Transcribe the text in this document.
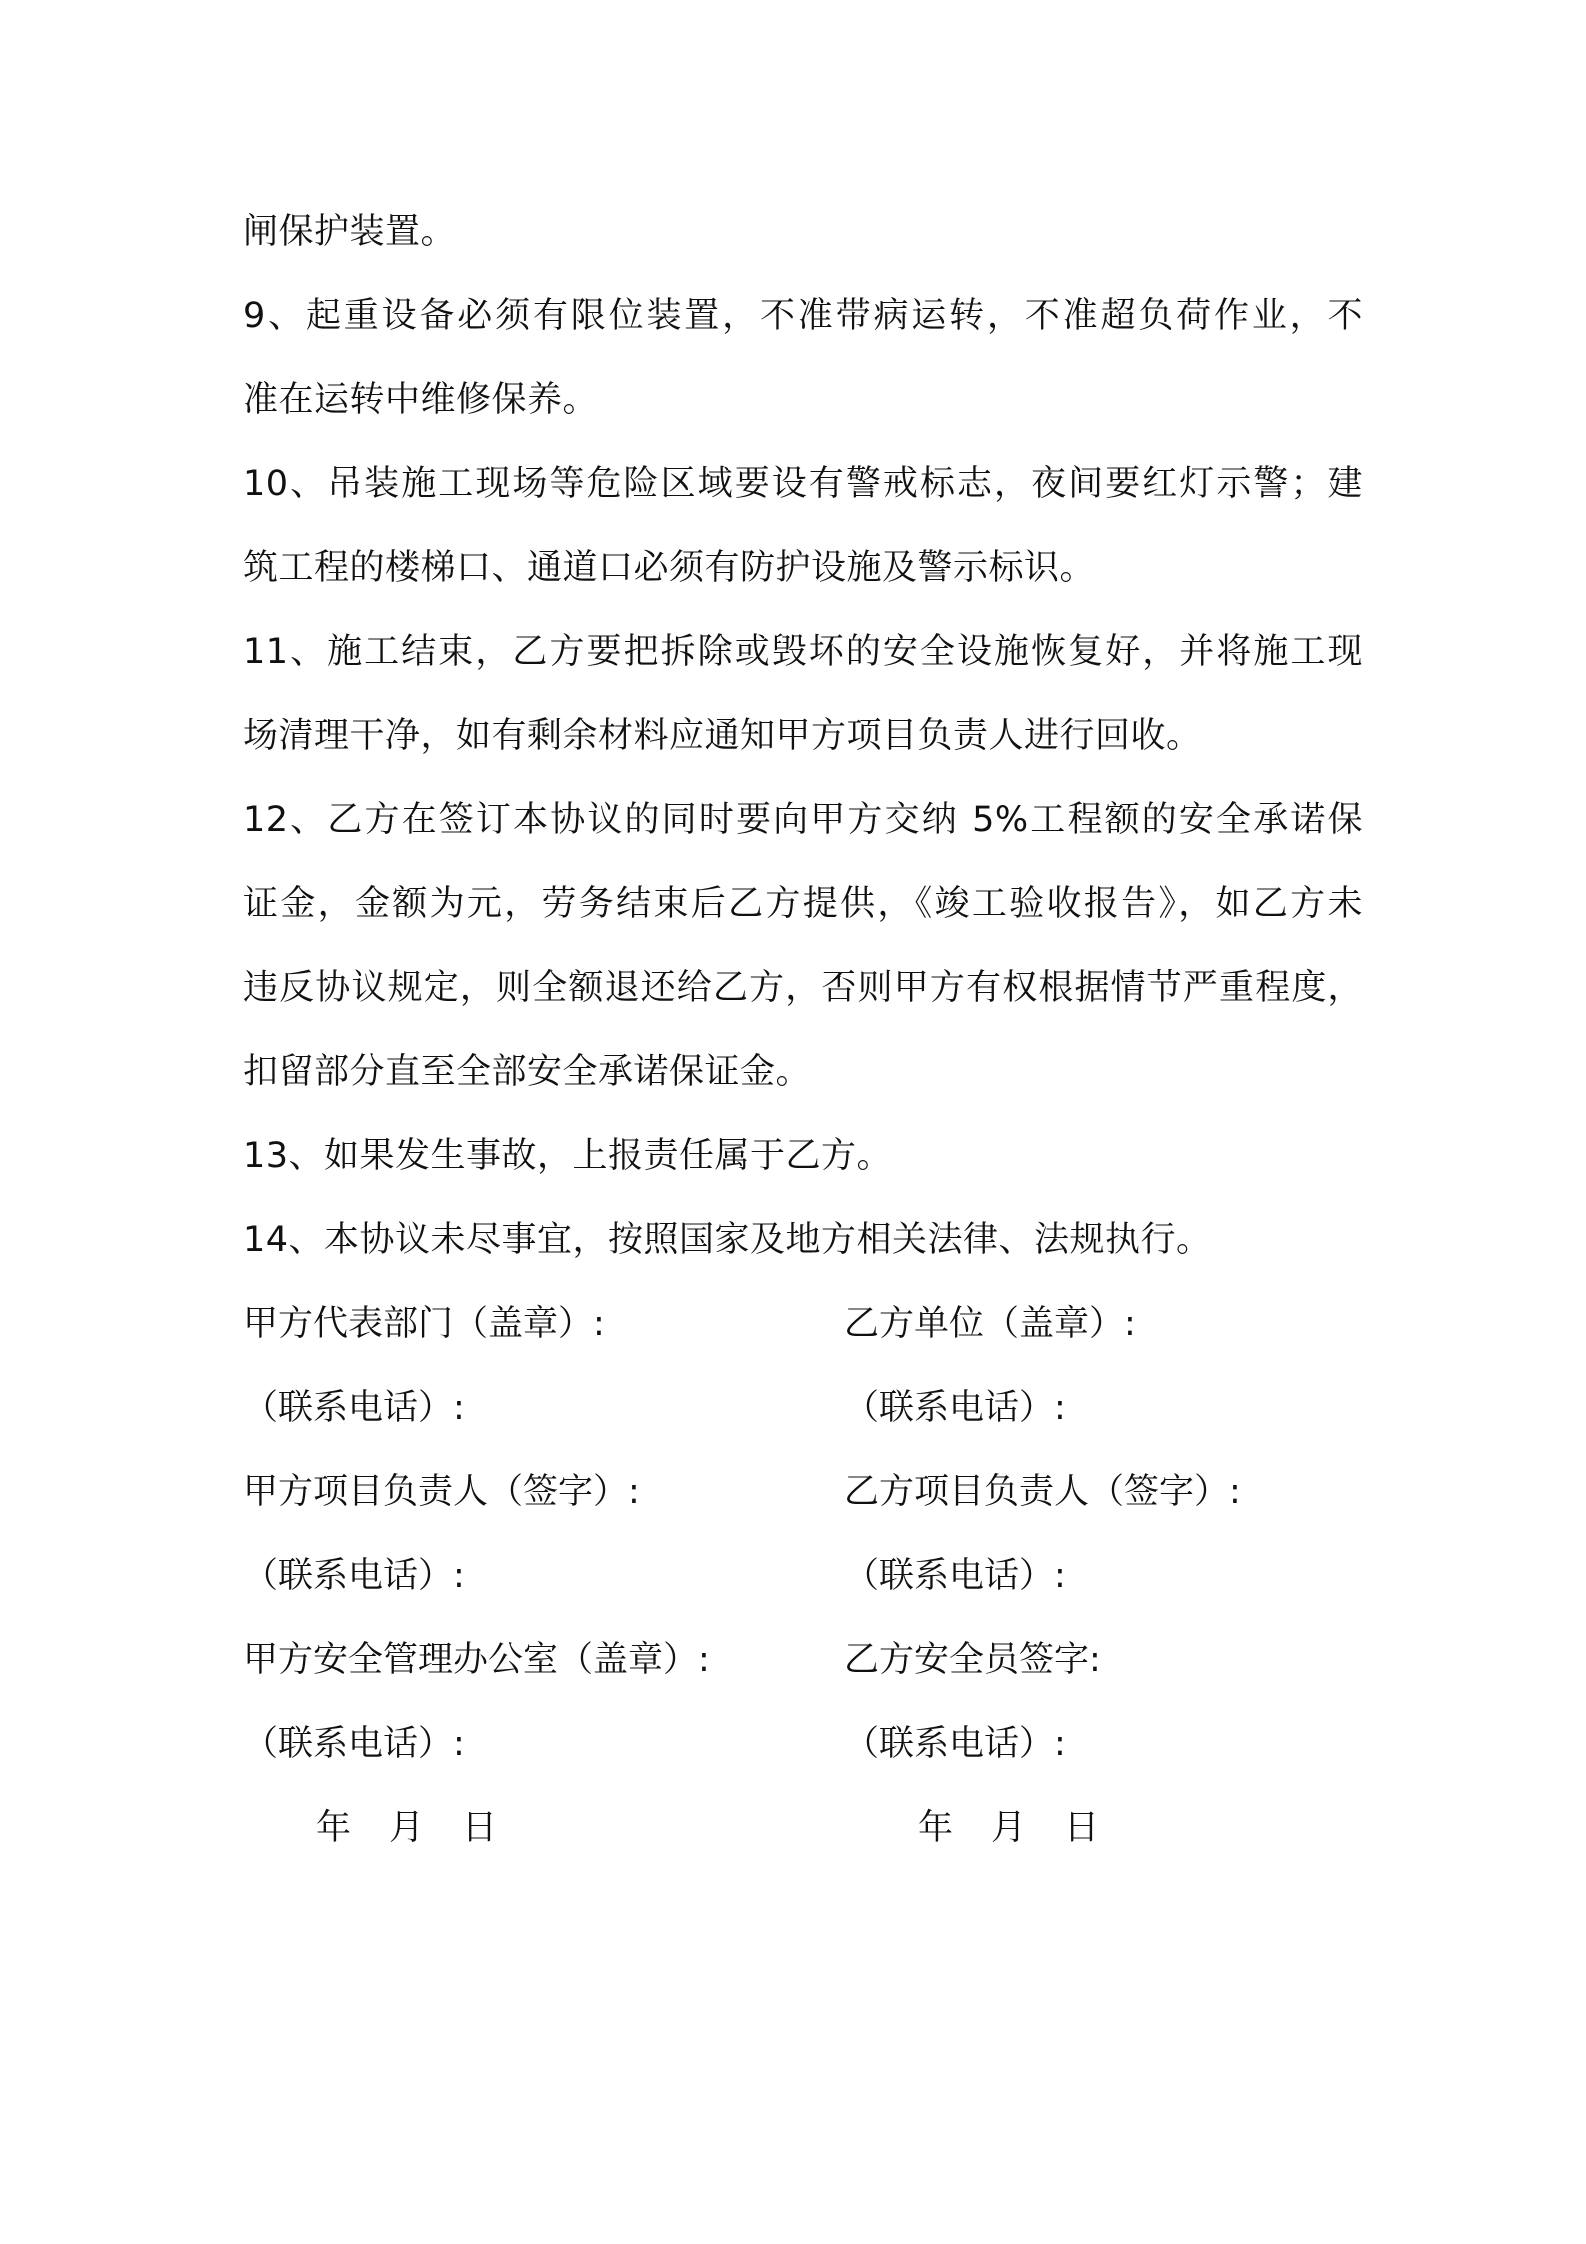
闸保护装置。
9、起重设备必须有限位装置，不准带病运转，不准超负荷作业，不
准在运转中维修保养。
10、吊装施工现场等危险区域要设有警戒标志，夜间要红灯示警；建
筑工程的楼梯口、通道口必须有防护设施及警示标识。
11、施工结束，乙方要把拆除或毁坏的安全设施恢复好，并将施工现
场清理干净，如有剩余材料应通知甲方项目负责人进行回收。
12、乙方在签订本协议的同时要向甲方交纳 5%工程额的安全承诺保
证金，金额为元，劳务结束后乙方提供，《竣工验收报告》，如乙方未
违反协议规定，则全额退还给乙方，否则甲方有权根据情节严重程度，
扣留部分直至全部安全承诺保证金。
13、如果发生事故，上报责任属于乙方。
14、本协议未尽事宜，按照国家及地方相关法律、法规执行。
甲方代表部门（盖章）:	乙方单位（盖章）:
（联系电话）:	（联系电话）:
甲方项目负责人（签字）:	乙方项目负责人（签字）:
（联系电话）:	（联系电话）:
甲方安全管理办公室（盖章）:	乙方安全员签字:
（联系电话）:	（联系电话）:
年 月 日	年 月 日
